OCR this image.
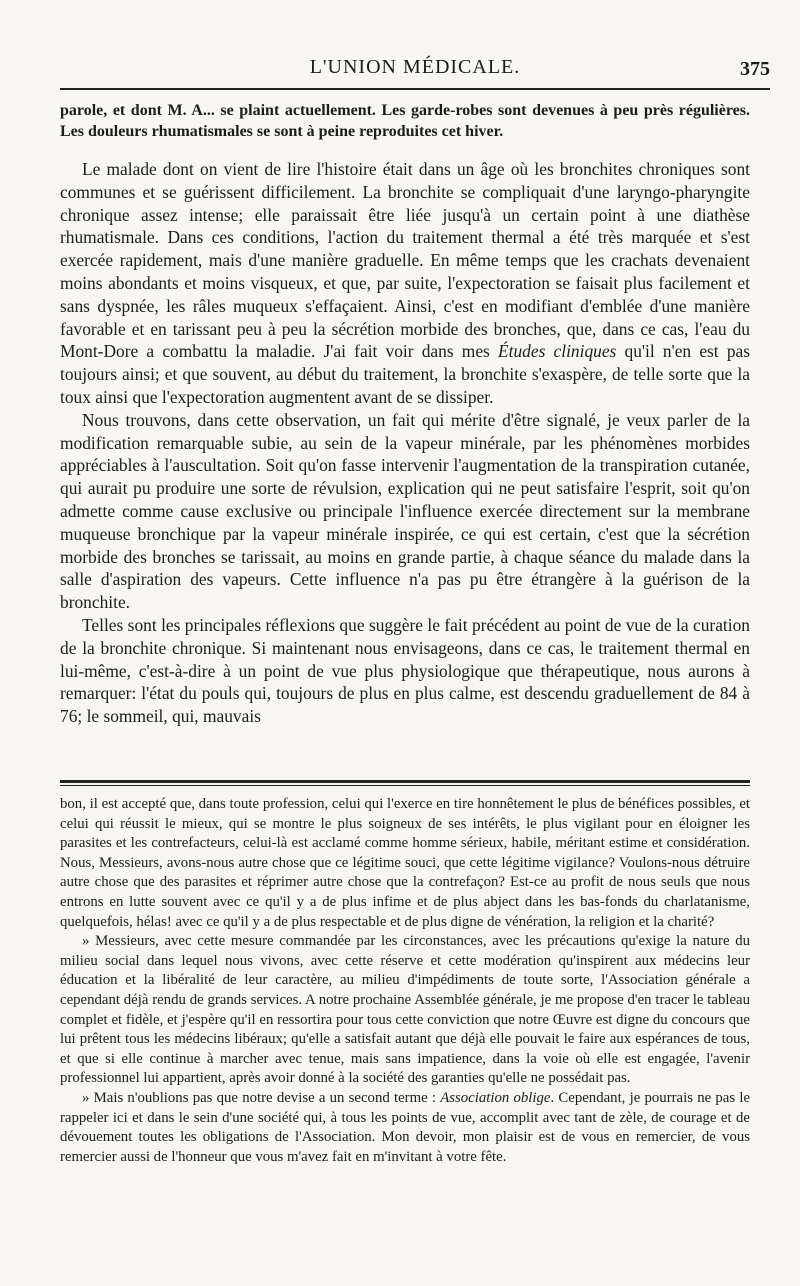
L'UNION MÉDICALE.	375

parole, et dont M. A... se plaint actuellement. Les garde-robes sont devenues à peu près régulières. Les douleurs rhumatismales se sont à peine reproduites cet hiver.

Le malade dont on vient de lire l'histoire était dans un âge où les bronchites chroniques sont communes et se guérissent difficilement. La bronchite se compliquait d'une laryngo-pharyngite chronique assez intense; elle paraissait être liée jusqu'à un certain point à une diathèse rhumatismale. Dans ces conditions, l'action du traitement thermal a été très marquée et s'est exercée rapidement, mais d'une manière graduelle. En même temps que les crachats devenaient moins abondants et moins visqueux, et que, par suite, l'expectoration se faisait plus facilement et sans dyspnée, les râles muqueux s'effaçaient. Ainsi, c'est en modifiant d'emblée d'une manière favorable et en tarissant peu à peu la sécrétion morbide des bronches, que, dans ce cas, l'eau du Mont-Dore a combattu la maladie. J'ai fait voir dans mes Études cliniques qu'il n'en est pas toujours ainsi; et que souvent, au début du traitement, la bronchite s'exaspère, de telle sorte que la toux ainsi que l'expectoration augmentent avant de se dissiper.

Nous trouvons, dans cette observation, un fait qui mérite d'être signalé, je veux parler de la modification remarquable subie, au sein de la vapeur minérale, par les phénomènes morbides appréciables à l'auscultation. Soit qu'on fasse intervenir l'augmentation de la transpiration cutanée, qui aurait pu produire une sorte de révulsion, explication qui ne peut satisfaire l'esprit, soit qu'on admette comme cause exclusive ou principale l'influence exercée directement sur la membrane muqueuse bronchique par la vapeur minérale inspirée, ce qui est certain, c'est que la sécrétion morbide des bronches se tarissait, au moins en grande partie, à chaque séance du malade dans la salle d'aspiration des vapeurs. Cette influence n'a pas pu être étrangère à la guérison de la bronchite.

Telles sont les principales réflexions que suggère le fait précédent au point de vue de la curation de la bronchite chronique. Si maintenant nous envisageons, dans ce cas, le traitement thermal en lui-même, c'est-à-dire à un point de vue plus physiologique que thérapeutique, nous aurons à remarquer: l'état du pouls qui, toujours de plus en plus calme, est descendu graduellement de 84 à 76; le sommeil, qui, mauvais

bon, il est accepté que, dans toute profession, celui qui l'exerce en tire honnêtement le plus de bénéfices possibles, et celui qui réussit le mieux, qui se montre le plus soigneux de ses intérêts, le plus vigilant pour en éloigner les parasites et les contrefacteurs, celui-là est acclamé comme homme sérieux, habile, méritant estime et considération. Nous, Messieurs, avons-nous autre chose que ce légitime souci, que cette légitime vigilance? Voulons-nous détruire autre chose que des parasites et réprimer autre chose que la contrefaçon? Est-ce au profit de nous seuls que nous entrons en lutte souvent avec ce qu'il y a de plus infime et de plus abject dans les bas-fonds du charlatanisme, quelquefois, hélas! avec ce qu'il y a de plus respectable et de plus digne de vénération, la religion et la charité?

» Messieurs, avec cette mesure commandée par les circonstances, avec les précautions qu'exige la nature du milieu social dans lequel nous vivons, avec cette réserve et cette modération qu'inspirent aux médecins leur éducation et la libéralité de leur caractère, au milieu d'impédiments de toute sorte, l'Association générale a cependant déjà rendu de grands services. A notre prochaine Assemblée générale, je me propose d'en tracer le tableau complet et fidèle, et j'espère qu'il en ressortira pour tous cette conviction que notre Œuvre est digne du concours que lui prêtent tous les médecins libéraux; qu'elle a satisfait autant que déjà elle pouvait le faire aux espérances de tous, et que si elle continue à marcher avec tenue, mais sans impatience, dans la voie où elle est engagée, l'avenir professionnel lui appartient, après avoir donné à la société des garanties qu'elle ne possédait pas.

» Mais n'oublions pas que notre devise a un second terme : Association oblige. Cependant, je pourrais ne pas le rappeler ici et dans le sein d'une société qui, à tous les points de vue, accomplit avec tant de zèle, de courage et de dévouement toutes les obligations de l'Association. Mon devoir, mon plaisir est de vous en remercier, de vous remercier aussi de l'honneur que vous m'avez fait en m'invitant à votre fête.
